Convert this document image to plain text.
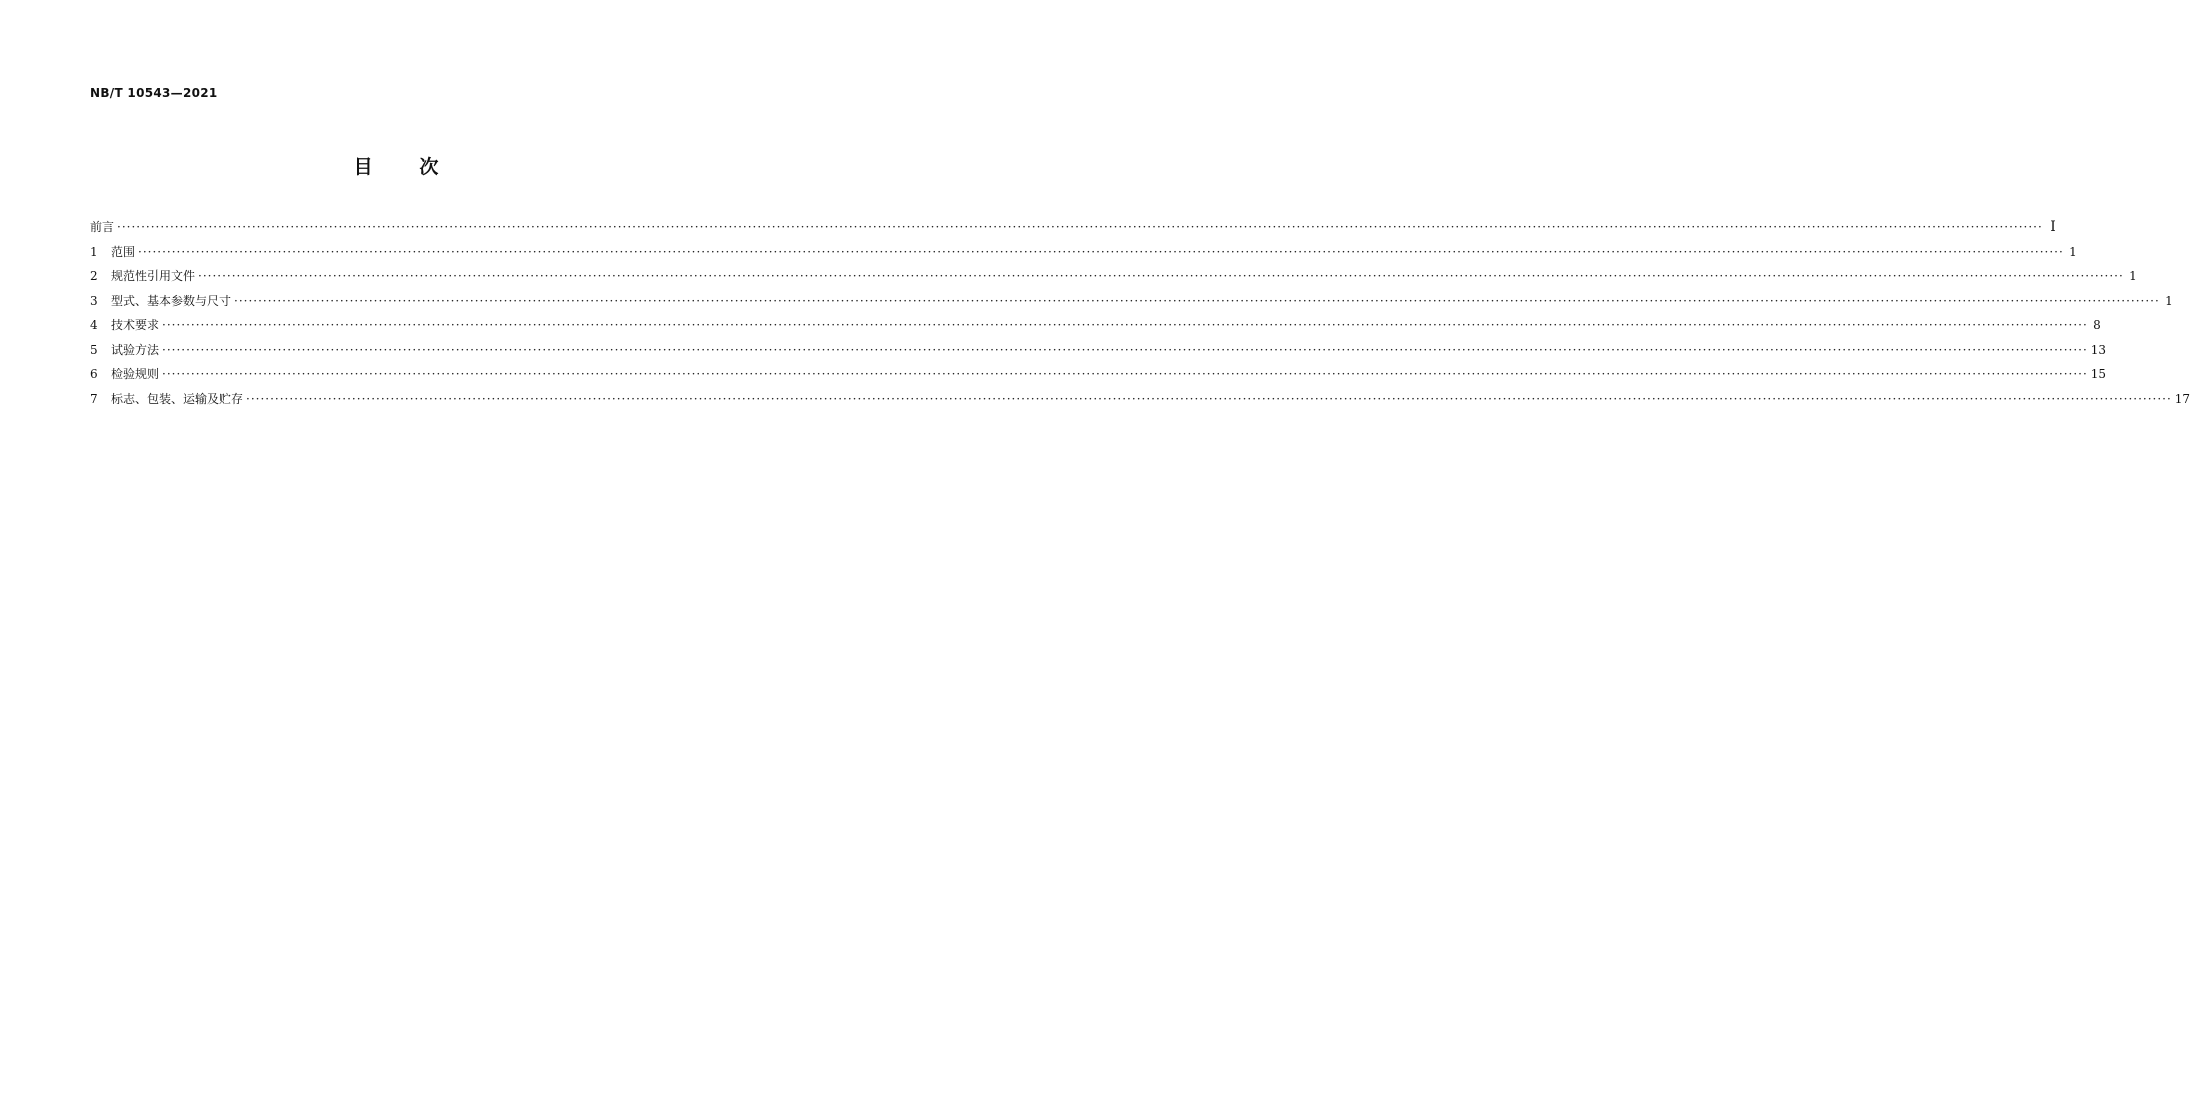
NB/T 10543—2021
目 次
前言 ················································································································································································································································································································································································································ I
1	范围 ················································································································································································································································································································································································································ 1
2	规范性引用文件 ················································································································································································································································································································································································································ 1
3	型式、基本参数与尺寸 ················································································································································································································································································································································································································ 1
4	技术要求 ················································································································································································································································································································································································································ 8
5	试验方法 ················································································································································································································································································································································································································ 13
6	检验规则 ················································································································································································································································································································································································································ 15
7	标志、包装、运输及贮存 ················································································································································································································································································································································································································ 17
